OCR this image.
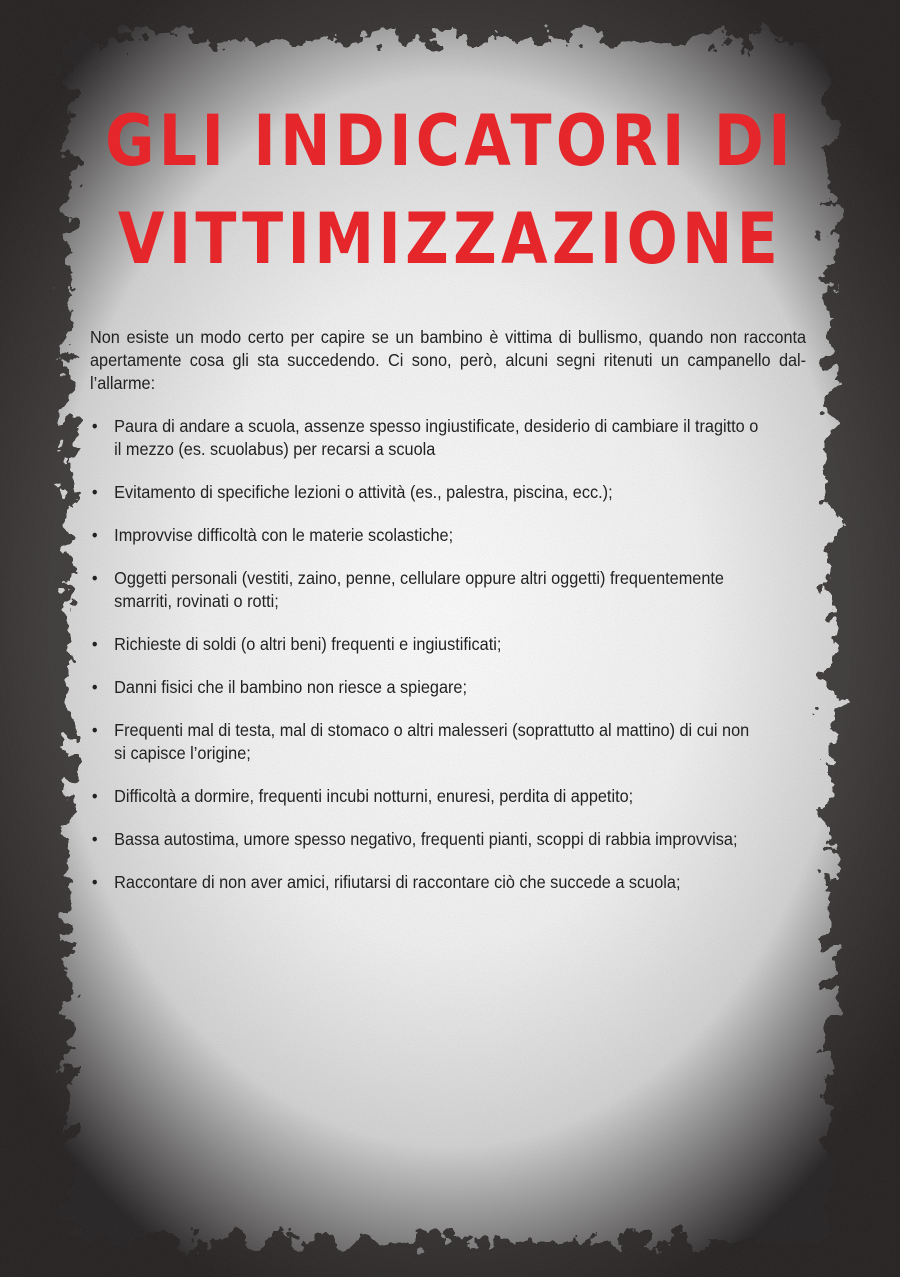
GLI INDICATORI DI
VITTIMIZZAZIONE

Non esiste un modo certo per capire se un bambino è vittima di bullismo, quando non racconta apertamente cosa gli sta succedendo. Ci sono, però, alcuni segni ritenuti un campanello dal-l’allarme:

• Paura di andare a scuola, assenze spesso ingiustificate, desiderio di cambiare il tragitto o il mezzo (es. scuolabus) per recarsi a scuola
• Evitamento di specifiche lezioni o attività (es., palestra, piscina, ecc.);
• Improvvise difficoltà con le materie scolastiche;
• Oggetti personali (vestiti, zaino, penne, cellulare oppure altri oggetti) frequentemente smarriti, rovinati o rotti;
• Richieste di soldi (o altri beni) frequenti e ingiustificati;
• Danni fisici che il bambino non riesce a spiegare;
• Frequenti mal di testa, mal di stomaco o altri malesseri (soprattutto al mattino) di cui non si capisce l’origine;
• Difficoltà a dormire, frequenti incubi notturni, enuresi, perdita di appetito;
• Bassa autostima, umore spesso negativo, frequenti pianti, scoppi di rabbia improvvisa;
• Raccontare di non aver amici, rifiutarsi di raccontare ciò che succede a scuola;
